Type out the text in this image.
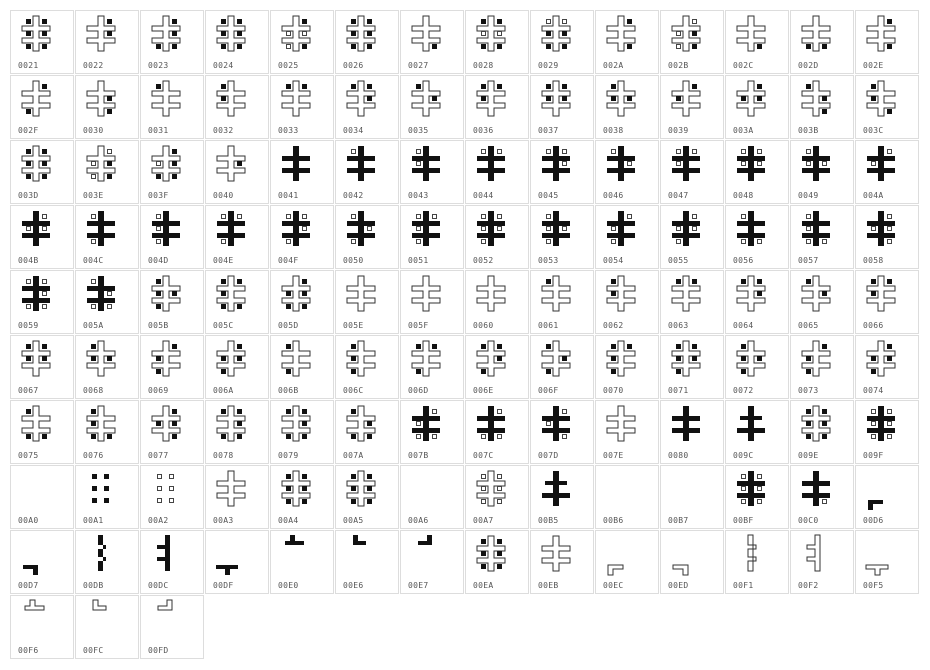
0021	0022	0023	0024	0025	0026	0027	0028	0029	002A	002B	002C	002D	002E
002F	0030	0031	0032	0033	0034	0035	0036	0037	0038	0039	003A	003B	003C
003D	003E	003F	0040	0041	0042	0043	0044	0045	0046	0047	0048	0049	004A
004B	004C	004D	004E	004F	0050	0051	0052	0053	0054	0055	0056	0057	0058
0059	005A	005B	005C	005D	005E	005F	0060	0061	0062	0063	0064	0065	0066
0067	0068	0069	006A	006B	006C	006D	006E	006F	0070	0071	0072	0073	0074
0075	0076	0077	0078	0079	007A	007B	007C	007D	007E	0080	009C	009E	009F
00A0	00A1	00A2	00A3	00A4	00A5	00A6	00A7	00B5	00B6	00B7	00BF	00C0	00D6
00D7	00DB	00DC	00DF	00E0	00E6	00E7	00EA	00EB	00EC	00ED	00F1	00F2	00F5
00F6	00FC	00FD
